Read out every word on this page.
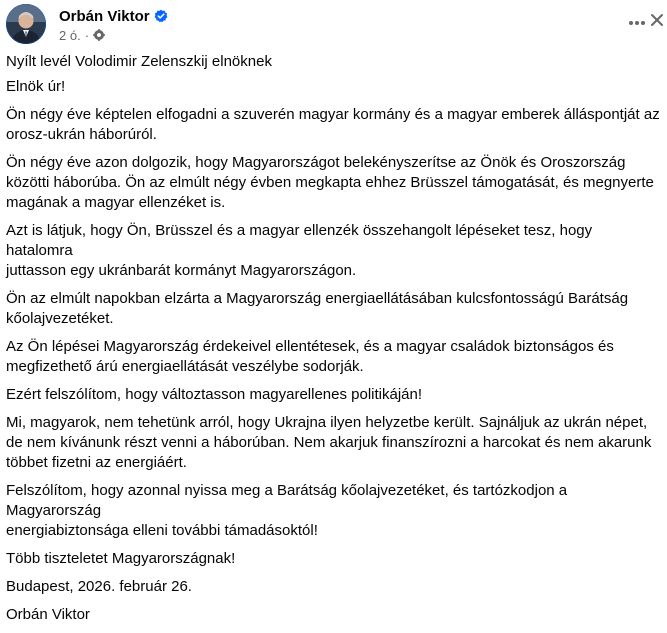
Orbán Viktor
2 ó. ·

Nyílt levél Volodimir Zelenszkij elnöknek

Elnök úr!

Ön négy éve képtelen elfogadni a szuverén magyar kormány és a magyar emberek álláspontját az
orosz-ukrán háborúról.

Ön négy éve azon dolgozik, hogy Magyarországot belekényszerítse az Önök és Oroszország
közötti háborúba. Ön az elmúlt négy évben megkapta ehhez Brüsszel támogatását, és megnyerte
magának a magyar ellenzéket is.

Azt is látjuk, hogy Ön, Brüsszel és a magyar ellenzék összehangolt lépéseket tesz, hogy hatalomra
juttasson egy ukránbarát kormányt Magyarországon.

Ön az elmúlt napokban elzárta a Magyarország energiaellátásában kulcsfontosságú Barátság
kőolajvezetéket.

Az Ön lépései Magyarország érdekeivel ellentétesek, és a magyar családok biztonságos és
megfizethető árú energiaellátását veszélybe sodorják.

Ezért felszólítom, hogy változtasson magyarellenes politikáján!

Mi, magyarok, nem tehetünk arról, hogy Ukrajna ilyen helyzetbe került. Sajnáljuk az ukrán népet,
de nem kívánunk részt venni a háborúban. Nem akarjuk finanszírozni a harcokat és nem akarunk
többet fizetni az energiáért.

Felszólítom, hogy azonnal nyissa meg a Barátság kőolajvezetéket, és tartózkodjon a Magyarország
energiabiztonsága elleni további támadásoktól!

Több tiszteletet Magyarországnak!

Budapest, 2026. február 26.

Orbán Viktor
